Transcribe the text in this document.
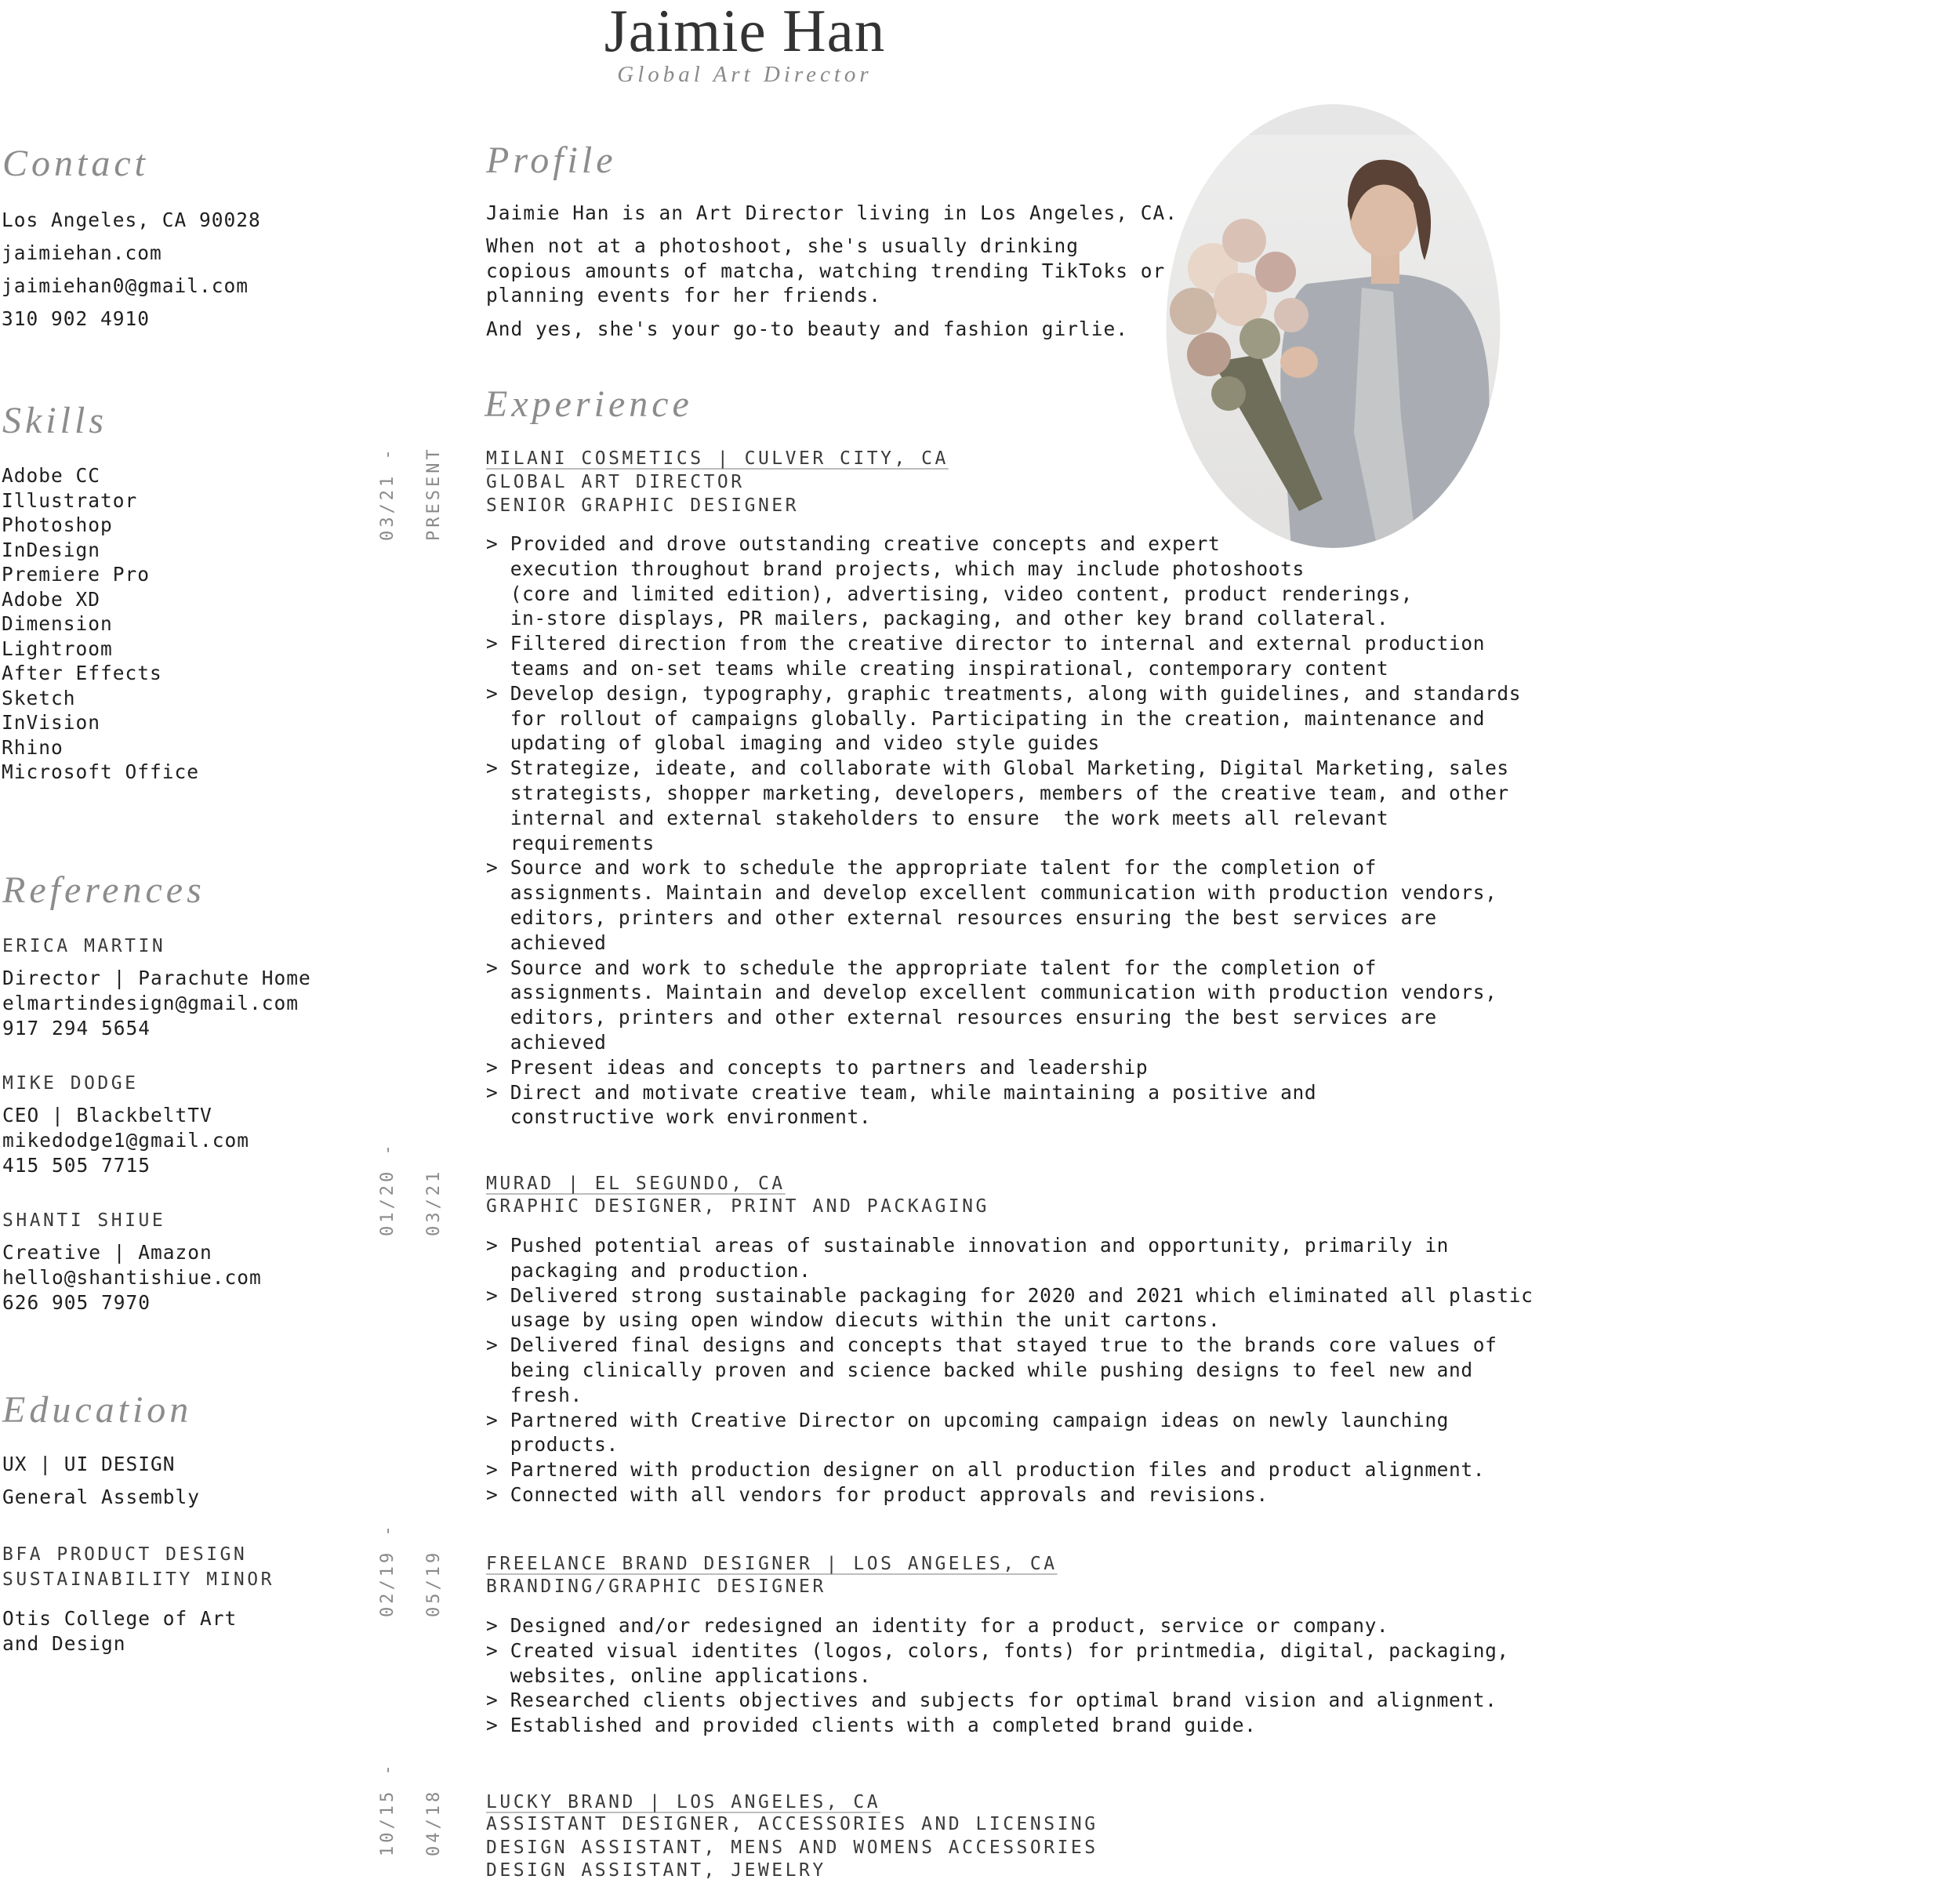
Jaimie Han
Global Art Director
Contact
Los Angeles, CA 90028
jaimiehan.com
jaimiehan0@gmail.com
310 902 4910
Skills
Adobe CC
Illustrator
Photoshop
InDesign
Premiere Pro
Adobe XD
Dimension
Lightroom
After Effects
Sketch
InVision
Rhino
Microsoft Office
References
ERICA MARTIN
Director | Parachute Home
elmartindesign@gmail.com
917 294 5654
MIKE DODGE
CEO | BlackbeltTV
mikedodge1@gmail.com
415 505 7715
SHANTI SHIUE
Creative | Amazon
hello@shantishiue.com
626 905 7970
Education
UX | UI DESIGN
General Assembly
BFA PRODUCT DESIGN
SUSTAINABILITY MINOR
Otis College of Art
and Design
Profile
Jaimie Han is an Art Director living in Los Angeles, CA.
When not at a photoshoot, she's usually drinking
copious amounts of matcha, watching trending TikToks or
planning events for her friends.
And yes, she's your go-to beauty and fashion girlie.
Experience
03/21 - PRESENT MILANI COSMETICS | CULVER CITY, CA
GLOBAL ART DIRECTOR
SENIOR GRAPHIC DESIGNER
> Provided and drove outstanding creative concepts and expert
execution throughout brand projects, which may include photoshoots
(core and limited edition), advertising, video content, product renderings,
in-store displays, PR mailers, packaging, and other key brand collateral.
> Filtered direction from the creative director to internal and external production
teams and on-set teams while creating inspirational, contemporary content
> Develop design, typography, graphic treatments, along with guidelines, and standards
for rollout of campaigns globally. Participating in the creation, maintenance and
updating of global imaging and video style guides
> Strategize, ideate, and collaborate with Global Marketing, Digital Marketing, sales
strategists, shopper marketing, developers, members of the creative team, and other
internal and external stakeholders to ensure  the work meets all relevant
requirements
> Source and work to schedule the appropriate talent for the completion of
assignments. Maintain and develop excellent communication with production vendors,
editors, printers and other external resources ensuring the best services are
achieved
> Source and work to schedule the appropriate talent for the completion of
assignments. Maintain and develop excellent communication with production vendors,
editors, printers and other external resources ensuring the best services are
achieved
> Present ideas and concepts to partners and leadership
> Direct and motivate creative team, while maintaining a positive and
constructive work environment.
01/20 - 03/21 MURAD | EL SEGUNDO, CA
GRAPHIC DESIGNER, PRINT AND PACKAGING
> Pushed potential areas of sustainable innovation and opportunity, primarily in
packaging and production.
> Delivered strong sustainable packaging for 2020 and 2021 which eliminated all plastic
usage by using open window diecuts within the unit cartons.
> Delivered final designs and concepts that stayed true to the brands core values of
being clinically proven and science backed while pushing designs to feel new and
fresh.
> Partnered with Creative Director on upcoming campaign ideas on newly launching
products.
> Partnered with production designer on all production files and product alignment.
> Connected with all vendors for product approvals and revisions.
02/19 - 05/19 FREELANCE BRAND DESIGNER | LOS ANGELES, CA
BRANDING/GRAPHIC DESIGNER
> Designed and/or redesigned an identity for a product, service or company.
> Created visual identites (logos, colors, fonts) for printmedia, digital, packaging,
websites, online applications.
> Researched clients objectives and subjects for optimal brand vision and alignment.
> Established and provided clients with a completed brand guide.
10/15 - 04/18 LUCKY BRAND | LOS ANGELES, CA
ASSISTANT DESIGNER, ACCESSORIES AND LICENSING
DESIGN ASSISTANT, MENS AND WOMENS ACCESSORIES
DESIGN ASSISTANT, JEWELRY
